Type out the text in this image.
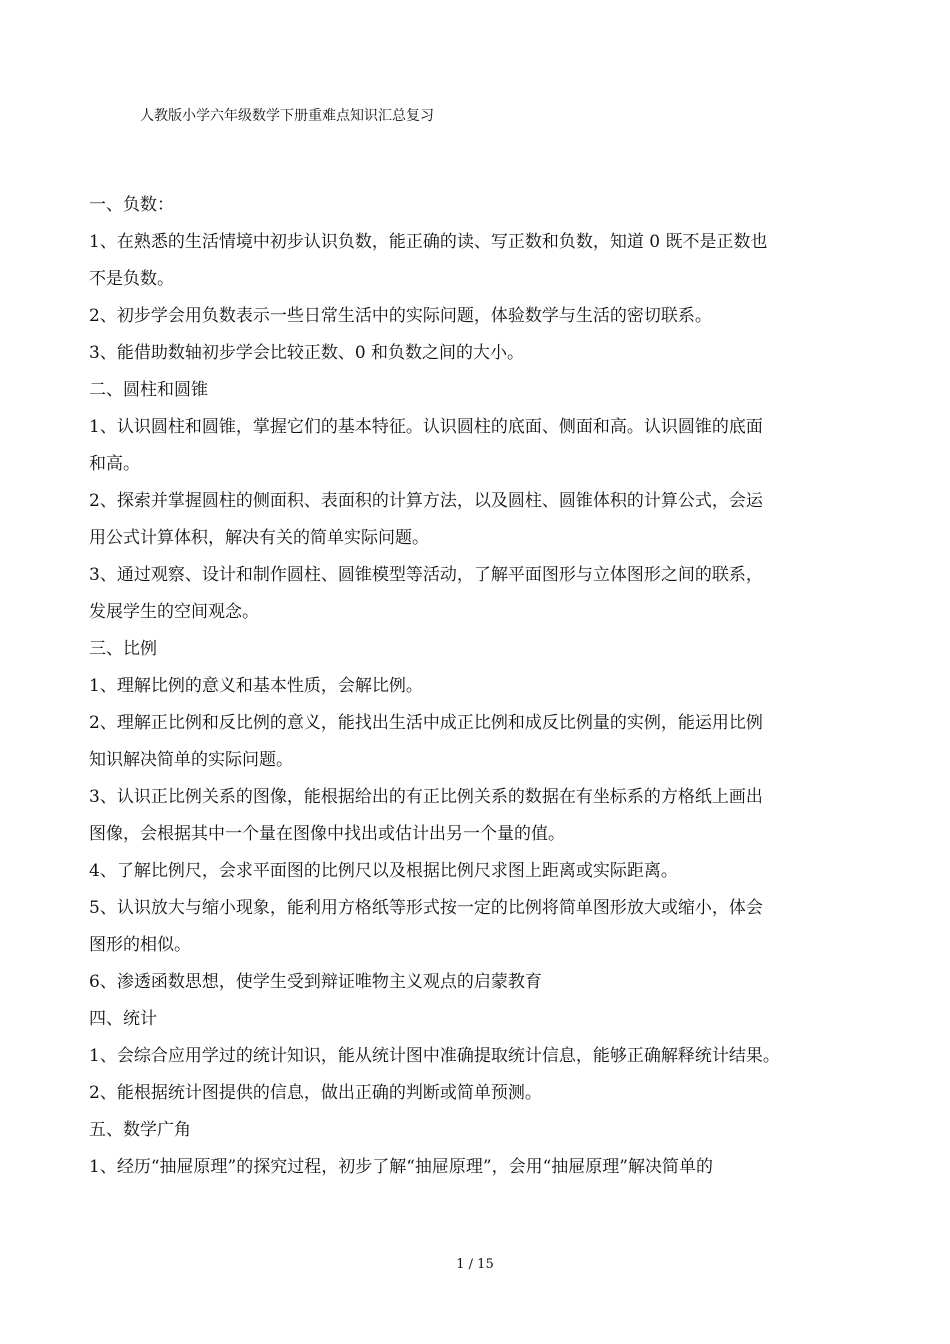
人教版小学六年级数学下册重难点知识汇总复习

一、负数：

1、在熟悉的生活情境中初步认识负数，能正确的读、写正数和负数，知道 0 既不是正数也

不是负数。

2、初步学会用负数表示一些日常生活中的实际问题，体验数学与生活的密切联系。

3、能借助数轴初步学会比较正数、0 和负数之间的大小。

二、圆柱和圆锥

1、认识圆柱和圆锥，掌握它们的基本特征。认识圆柱的底面、侧面和高。认识圆锥的底面

和高。

2、探索并掌握圆柱的侧面积、表面积的计算方法，以及圆柱、圆锥体积的计算公式，会运

用公式计算体积，解决有关的简单实际问题。

3、通过观察、设计和制作圆柱、圆锥模型等活动，了解平面图形与立体图形之间的联系，

发展学生的空间观念。

三、比例

1、理解比例的意义和基本性质，会解比例。

2、理解正比例和反比例的意义，能找出生活中成正比例和成反比例量的实例，能运用比例

知识解决简单的实际问题。

3、认识正比例关系的图像，能根据给出的有正比例关系的数据在有坐标系的方格纸上画出

图像，会根据其中一个量在图像中找出或估计出另一个量的值。

4、了解比例尺，会求平面图的比例尺以及根据比例尺求图上距离或实际距离。

5、认识放大与缩小现象，能利用方格纸等形式按一定的比例将简单图形放大或缩小，体会

图形的相似。

6、渗透函数思想，使学生受到辩证唯物主义观点的启蒙教育

四、统计

1、会综合应用学过的统计知识，能从统计图中准确提取统计信息，能够正确解释统计结果。

2、能根据统计图提供的信息，做出正确的判断或简单预测。

五、数学广角

1、经历“抽屉原理”的探究过程，初步了解“抽屉原理”，会用“抽屉原理”解决简单的

1 / 15
